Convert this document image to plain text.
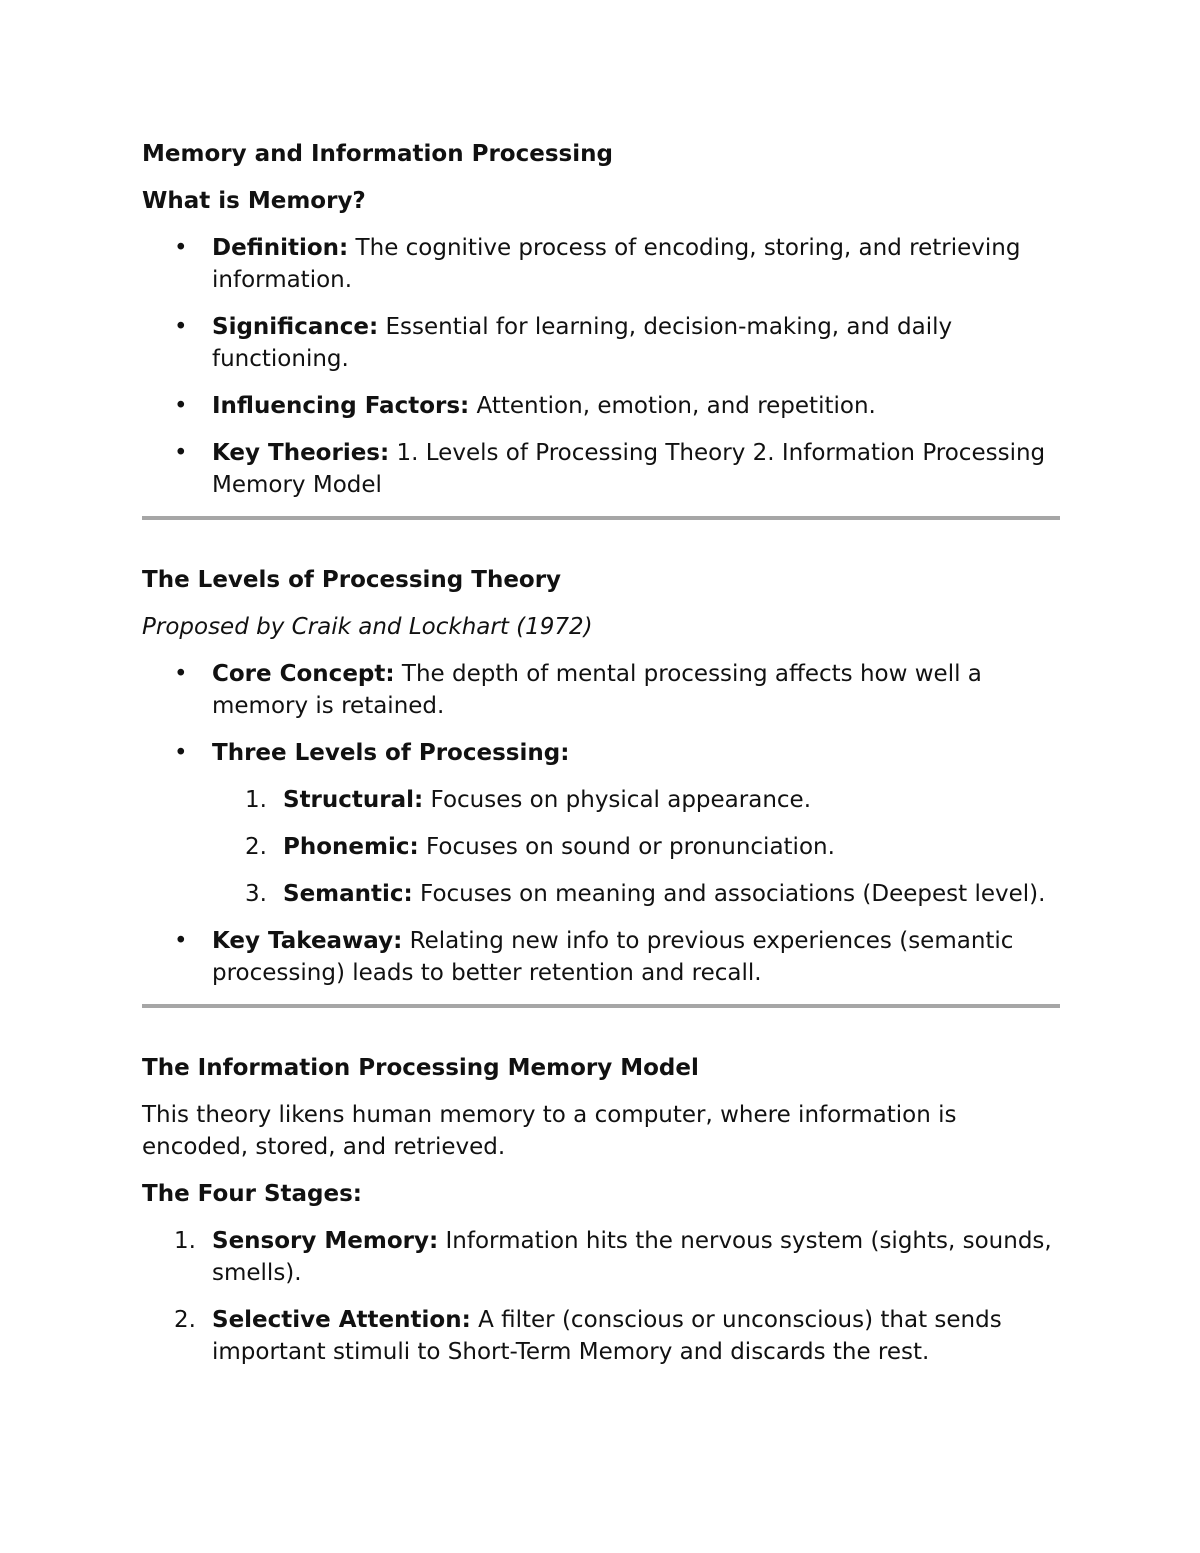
Memory and Information Processing

What is Memory?

• Definition: The cognitive process of encoding, storing, and retrieving information.
• Significance: Essential for learning, decision-making, and daily functioning.
• Influencing Factors: Attention, emotion, and repetition.
• Key Theories: 1. Levels of Processing Theory 2. Information Processing Memory Model

The Levels of Processing Theory

Proposed by Craik and Lockhart (1972)

• Core Concept: The depth of mental processing affects how well a memory is retained.
• Three Levels of Processing:
1. Structural: Focuses on physical appearance.
2. Phonemic: Focuses on sound or pronunciation.
3. Semantic: Focuses on meaning and associations (Deepest level).
• Key Takeaway: Relating new info to previous experiences (semantic processing) leads to better retention and recall.

The Information Processing Memory Model

This theory likens human memory to a computer, where information is encoded, stored, and retrieved.

The Four Stages:

1. Sensory Memory: Information hits the nervous system (sights, sounds, smells).
2. Selective Attention: A filter (conscious or unconscious) that sends important stimuli to Short-Term Memory and discards the rest.
